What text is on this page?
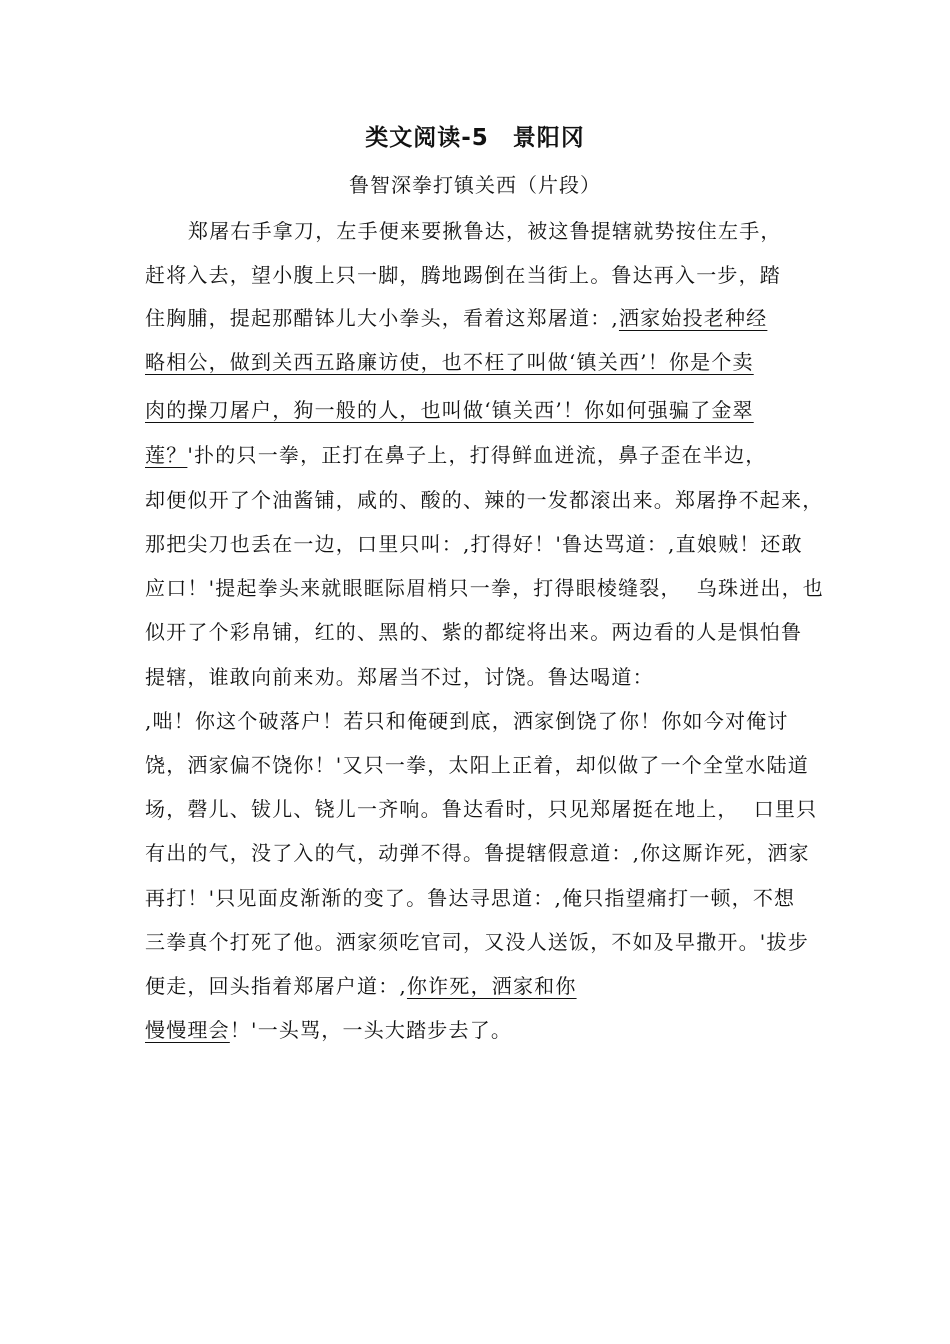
类文阅读-5　景阳冈
鲁智深拳打镇关西（片段）
郑屠右手拿刀，左手便来要揪鲁达，被这鲁提辖就势按住左手，
赶将入去，望小腹上只一脚，腾地踢倒在当街上。鲁达再入一步，踏
住胸脯，提起那醋钵儿大小拳头，看着这郑屠道：,洒家始投老种经
略相公，做到关西五路廉访使，也不枉了叫做‘镇关西’！你是个卖
肉的操刀屠户，狗一般的人，也叫做‘镇关西’！你如何强骗了金翠
莲？'扑的只一拳，正打在鼻子上，打得鲜血迸流，鼻子歪在半边，
却便似开了个油酱铺，咸的、酸的、辣的一发都滚出来。郑屠挣不起来，
那把尖刀也丢在一边，口里只叫：,打得好！'鲁达骂道：,直娘贼！还敢
应口！'提起拳头来就眼眶际眉梢只一拳，打得眼棱缝裂，  乌珠迸出，也
似开了个彩帛铺，红的、黑的、紫的都绽将出来。两边看的人是惧怕鲁
提辖，谁敢向前来劝。郑屠当不过，讨饶。鲁达喝道：
,咄！你这个破落户！若只和俺硬到底，洒家倒饶了你！你如今对俺讨
饶，洒家偏不饶你！'又只一拳，太阳上正着，却似做了一个全堂水陆道
场，磬儿、钹儿、铙儿一齐响。鲁达看时，只见郑屠挺在地上，  口里只
有出的气，没了入的气，动弹不得。鲁提辖假意道：,你这厮诈死，洒家
再打！'只见面皮渐渐的变了。鲁达寻思道：,俺只指望痛打一顿，不想
三拳真个打死了他。洒家须吃官司，又没人送饭，不如及早撒开。'拔步
便走，回头指着郑屠户道：,你诈死，洒家和你
慢慢理会！'一头骂，一头大踏步去了。
